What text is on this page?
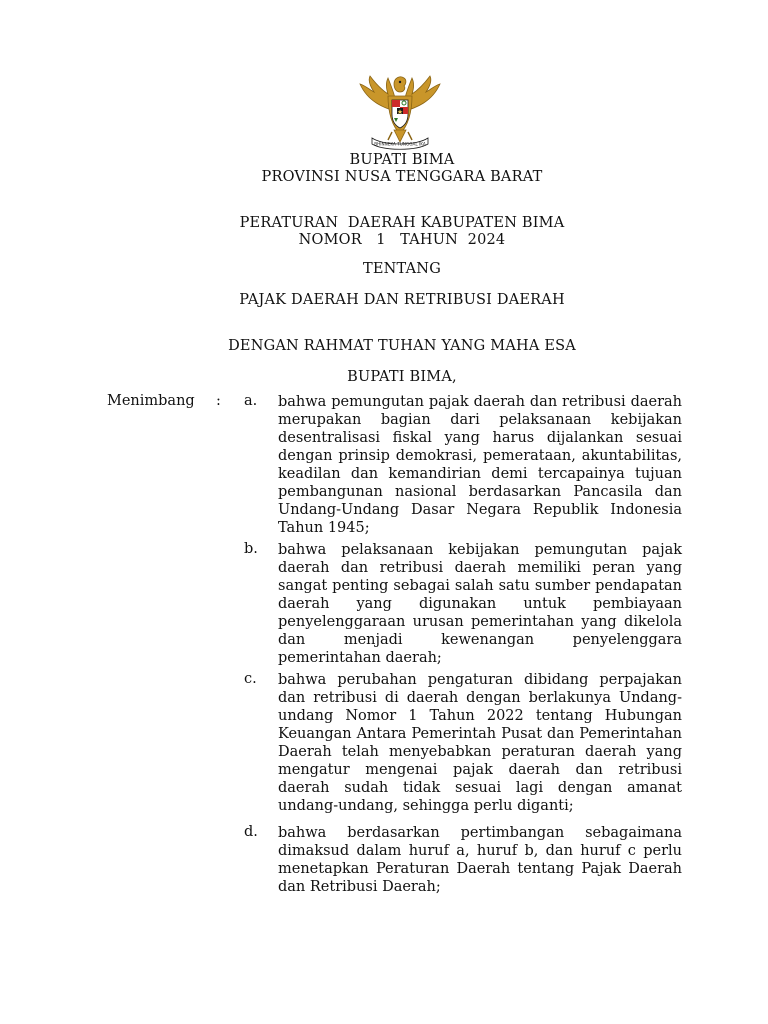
BHINNEKA TUNGGAL IKA
BUPATI BIMA
PROVINSI NUSA TENGGARA BARAT
PERATURAN  DAERAH KABUPATEN BIMA
NOMOR   1   TAHUN  2024
TENTANG
PAJAK DAERAH DAN RETRIBUSI DAERAH
DENGAN RAHMAT TUHAN YANG MAHA ESA
BUPATI BIMA,
Menimbang : a. bahwa pemungutan pajak daerah dan retribusi daerah merupakan bagian dari pelaksanaan kebijakan desentralisasi fiskal yang harus dijalankan sesuai dengan prinsip demokrasi, pemerataan, akuntabilitas, keadilan dan kemandirian demi tercapainya tujuan pembangunan nasional berdasarkan Pancasila dan Undang-Undang Dasar Negara Republik Indonesia Tahun 1945;
b. bahwa pelaksanaan kebijakan pemungutan pajak daerah dan retribusi daerah memiliki peran yang sangat penting sebagai salah satu sumber pendapatan daerah yang digunakan untuk pembiayaan penyelenggaraan urusan pemerintahan yang dikelola dan menjadi kewenangan penyelenggara pemerintahan daerah;
c. bahwa perubahan pengaturan dibidang perpajakan dan retribusi di daerah dengan berlakunya Undang-undang Nomor 1 Tahun 2022 tentang Hubungan Keuangan Antara Pemerintah Pusat dan Pemerintahan Daerah telah menyebabkan peraturan daerah yang mengatur mengenai pajak daerah dan retribusi daerah sudah tidak sesuai lagi dengan amanat undang-undang, sehingga perlu diganti;
d. bahwa berdasarkan pertimbangan sebagaimana dimaksud dalam huruf a, huruf b, dan huruf c perlu menetapkan Peraturan Daerah tentang Pajak Daerah dan Retribusi Daerah;
